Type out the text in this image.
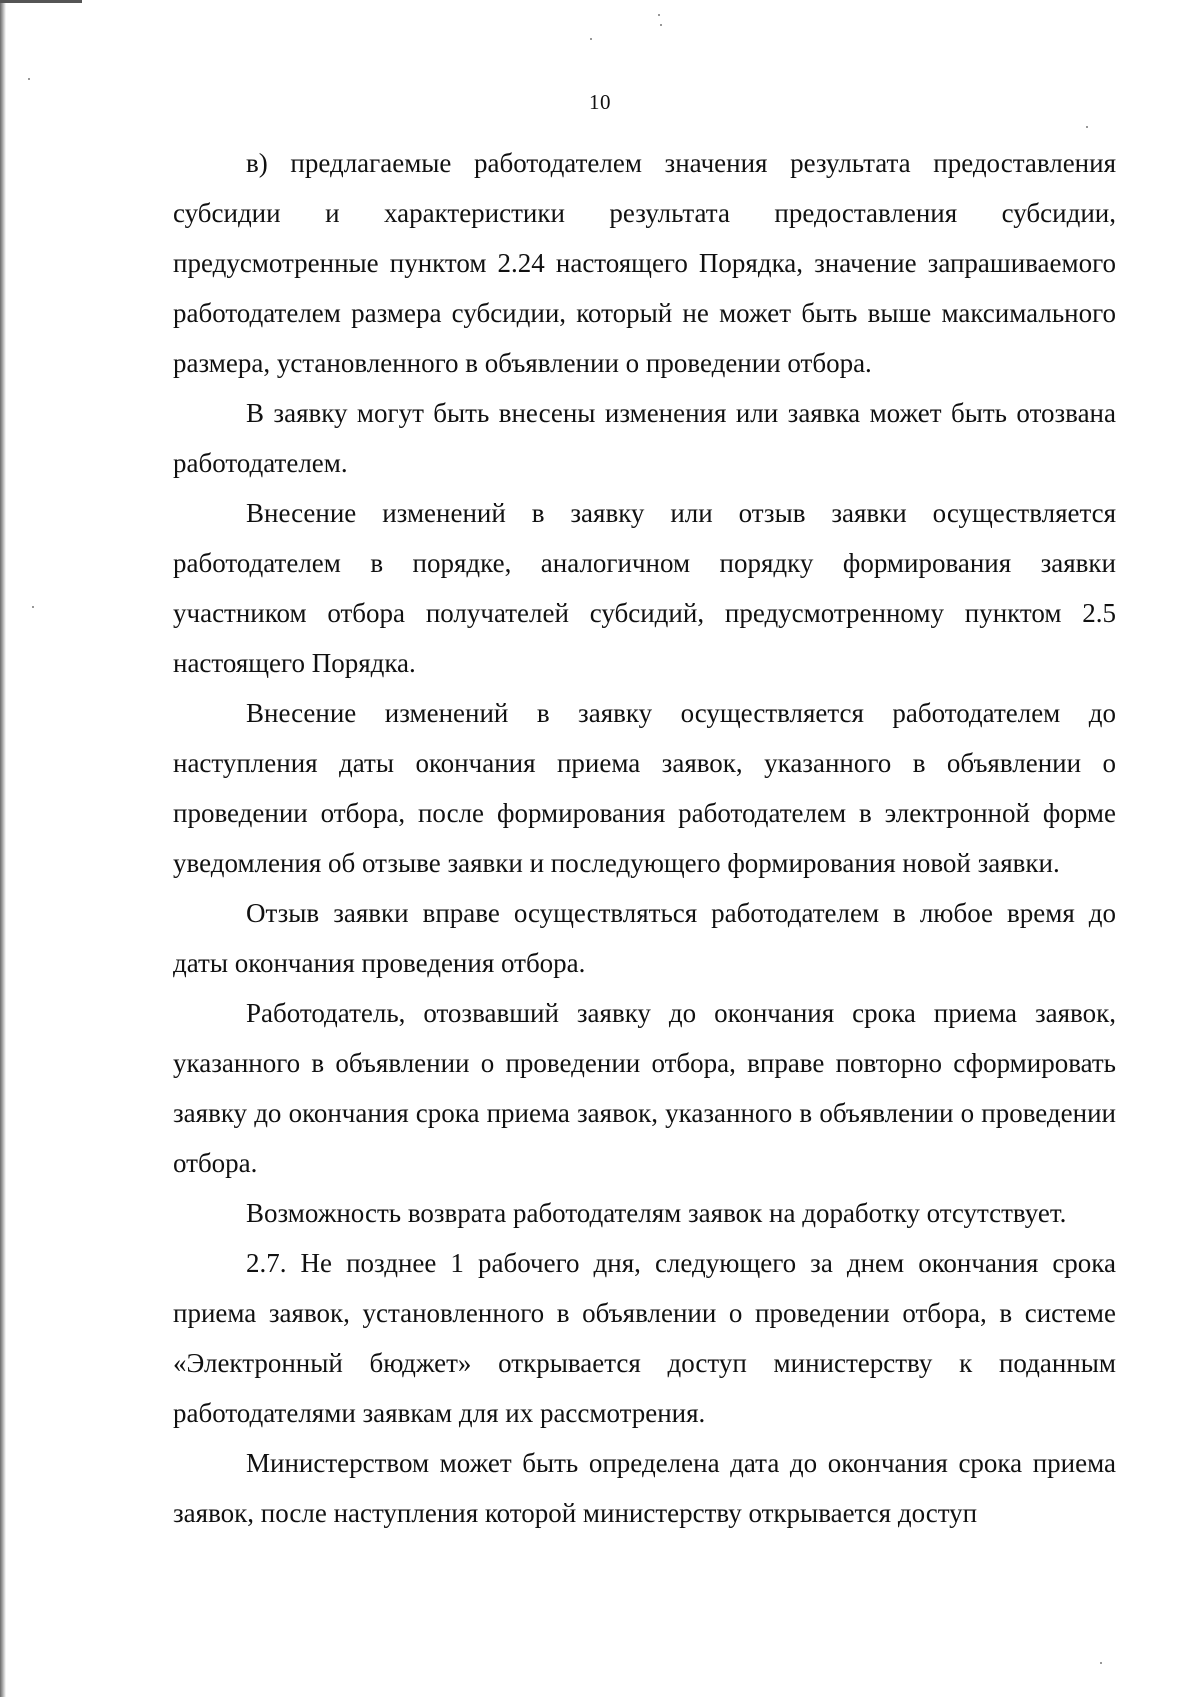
10

в) предлагаемые работодателем значения результата предоставления субсидии и характеристики результата предоставления субсидии, предусмотренные пунктом 2.24 настоящего Порядка, значение запрашиваемого работодателем размера субсидии, который не может быть выше максимального размера, установленного в объявлении о проведении отбора.

В заявку могут быть внесены изменения или заявка может быть отозвана работодателем.

Внесение изменений в заявку или отзыв заявки осуществляется работодателем в порядке, аналогичном порядку формирования заявки участником отбора получателей субсидий, предусмотренному пунктом 2.5 настоящего Порядка.

Внесение изменений в заявку осуществляется работодателем до наступления даты окончания приема заявок, указанного в объявлении о проведении отбора, после формирования работодателем в электронной форме уведомления об отзыве заявки и последующего формирования новой заявки.

Отзыв заявки вправе осуществляться работодателем в любое время до даты окончания проведения отбора.

Работодатель, отозвавший заявку до окончания срока приема заявок, указанного в объявлении о проведении отбора, вправе повторно сформировать заявку до окончания срока приема заявок, указанного в объявлении о проведении отбора.

Возможность возврата работодателям заявок на доработку отсутствует.

2.7. Не позднее 1 рабочего дня, следующего за днем окончания срока приема заявок, установленного в объявлении о проведении отбора, в системе «Электронный бюджет» открывается доступ министерству к поданным работодателями заявкам для их рассмотрения.

Министерством может быть определена дата до окончания срока приема заявок, после наступления которой министерству открывается доступ
